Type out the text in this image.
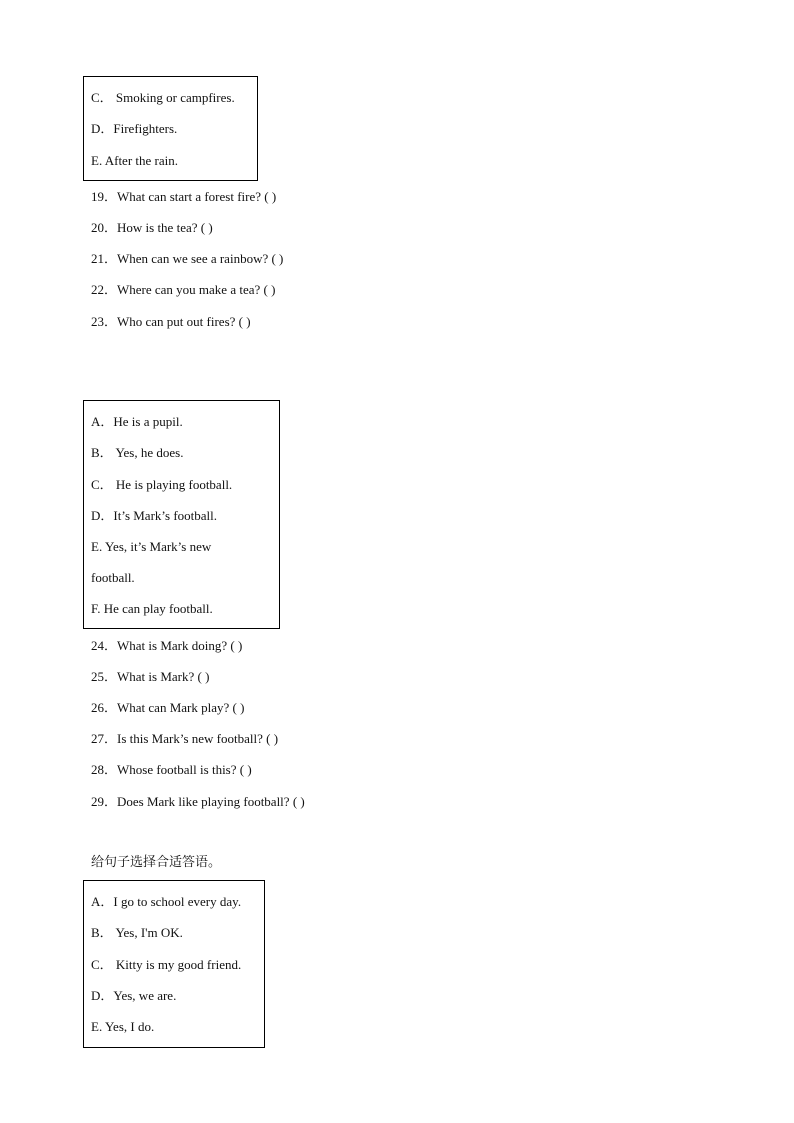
C． Smoking or campfires.
D．Firefighters.
E. After the rain.
19．What can start a forest fire? ( )
20．How is the tea? ( )
21．When can we see a rainbow? ( )
22．Where can you make a tea? ( )
23．Who can put out fires? ( )
A．He is a pupil.
B． Yes, he does.
C． He is playing football.
D．It’s Mark’s football.
E. Yes, it’s Mark’s new
football.
F. He can play football.
24．What is Mark doing? ( )
25．What is Mark? ( )
26．What can Mark play? ( )
27．Is this Mark’s new football? ( )
28．Whose football is this? ( )
29．Does Mark like playing football? ( )
给句子选择合适答语。
A．I go to school every day.
B． Yes, I'm OK.
C． Kitty is my good friend.
D．Yes, we are.
E. Yes, I do.
